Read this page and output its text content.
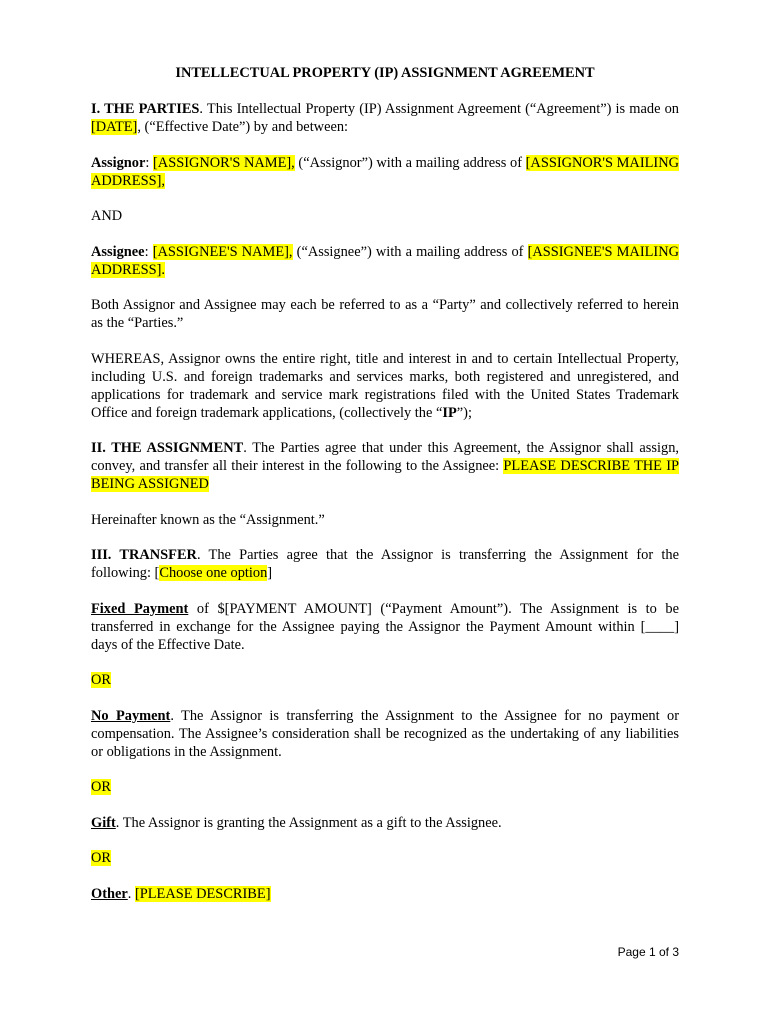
INTELLECTUAL PROPERTY (IP) ASSIGNMENT AGREEMENT

I. THE PARTIES. This Intellectual Property (IP) Assignment Agreement (“Agreement”) is made on [DATE], (“Effective Date”) by and between:

Assignor: [ASSIGNOR'S NAME], (“Assignor”) with a mailing address of [ASSIGNOR'S MAILING ADDRESS],

AND

Assignee: [ASSIGNEE'S NAME], (“Assignee”) with a mailing address of [ASSIGNEE'S MAILING ADDRESS].

Both Assignor and Assignee may each be referred to as a “Party” and collectively referred to herein as the “Parties.”

WHEREAS, Assignor owns the entire right, title and interest in and to certain Intellectual Property, including U.S. and foreign trademarks and services marks, both registered and unregistered, and applications for trademark and service mark registrations filed with the United States Trademark Office and foreign trademark applications, (collectively the “IP”);

II. THE ASSIGNMENT. The Parties agree that under this Agreement, the Assignor shall assign, convey, and transfer all their interest in the following to the Assignee: PLEASE DESCRIBE THE IP BEING ASSIGNED

Hereinafter known as the “Assignment.”

III. TRANSFER. The Parties agree that the Assignor is transferring the Assignment for the following: [Choose one option]

Fixed Payment of $[PAYMENT AMOUNT] (“Payment Amount”). The Assignment is to be transferred in exchange for the Assignee paying the Assignor the Payment Amount within [____] days of the Effective Date.

OR

No Payment. The Assignor is transferring the Assignment to the Assignee for no payment or compensation. The Assignee’s consideration shall be recognized as the undertaking of any liabilities or obligations in the Assignment.

OR

Gift. The Assignor is granting the Assignment as a gift to the Assignee.

OR

Other. [PLEASE DESCRIBE]

Page 1 of 3
